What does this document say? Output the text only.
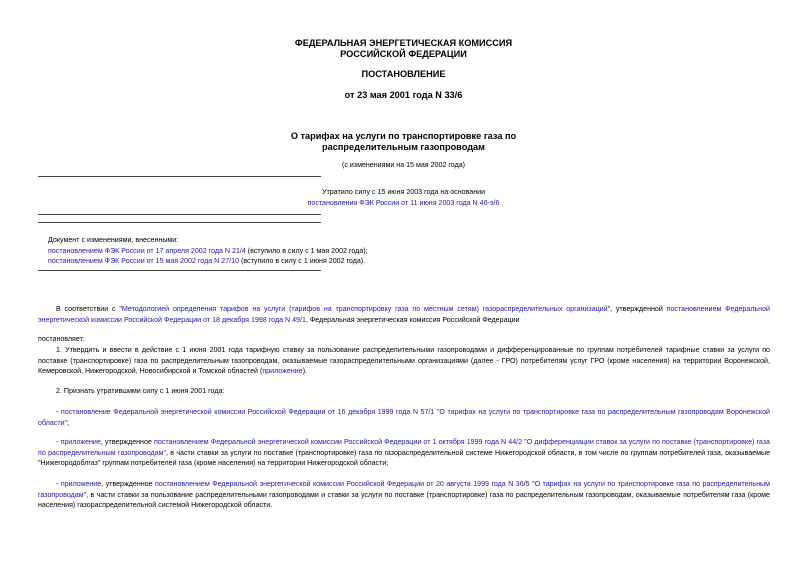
ФЕДЕРАЛЬНАЯ ЭНЕРГЕТИЧЕСКАЯ КОМИССИЯ
РОССИЙСКОЙ ФЕДЕРАЦИИ
ПОСТАНОВЛЕНИЕ
от 23 мая 2001 года N 33/6
О тарифах на услуги по транспортировке газа по
распределительным газопроводам
(с изменениями на 15 мая 2002 года)
Утратило силу с 15 июня 2003 года на основании
постановления ФЭК России от 11 июня 2003 года N 46-э/6
Документ с изменениями, внесенными:
постановлением ФЭК России от 17 апреля 2002 года N 21/4 (вступило в силу с 1 мая 2002 года);
постановлением ФЭК России от 15 мая 2002 года N 27/10 (вступило в силу с 1 июня 2002 года).

В соответствии с "Методологией определения тарифов на услуги (тарифов на транспортировку газа по местным сетям) газораспределительных организаций", утвержденной постановлением Федеральной энергетической комиссии Российской Федерации от 18 декабря 1998 года N 49/1, Федеральная энергетическая комиссия Российской Федерации

постановляет:

1. Утвердить и ввести в действие с 1 июня 2001 года тарифную ставку за пользование распределительными газопроводами и дифференцированные по группам потребителей тарифные ставки за услуги по поставке (транспортировке) газа по распределительным газопроводам, оказываемые газораспределительными организациями (далее - ГРО) потребителям услуг ГРО (кроме населения) на территории Воронежской, Кемеровской, Нижегородской, Новосибирской и Томской областей (приложение).

2. Признать утратившими силу с 1 июня 2001 года:

- постановление Федеральной энергетической комиссии Российской Федерации от 16 декабря 1999 года N 57/1 "О тарифах на услуги по транспортировке газа по распределительным газопроводам Воронежской области";

- приложение, утвержденное постановлением Федеральной энергетической комиссии Российской Федерации от 1 октября 1999 года N 44/2 "О дифференциации ставок за услуги по поставке (транспортировке) газа по распределительным газопроводам", в части ставки за услуги по поставке (транспортировке) газа по газораспределительной системе Нижегородской области, в том числе по группам потребителей газа, оказываемые "Нижегородоблгаз" группам потребителей газа (кроме населения) на территории Нижегородской области;

- приложение, утвержденное постановлением Федеральной энергетической комиссии Российской Федерации от 20 августа 1999 года N 36/5 "О тарифах на услуги по транспортировке газа по распределительным газопроводам", в части ставки за пользование распределительными газопроводами и ставки за услуги по поставке (транспортировке) газа по распределительным газопроводам, оказываемые потребителям газа (кроме населения) газораспределительной системой Нижегородской области.
